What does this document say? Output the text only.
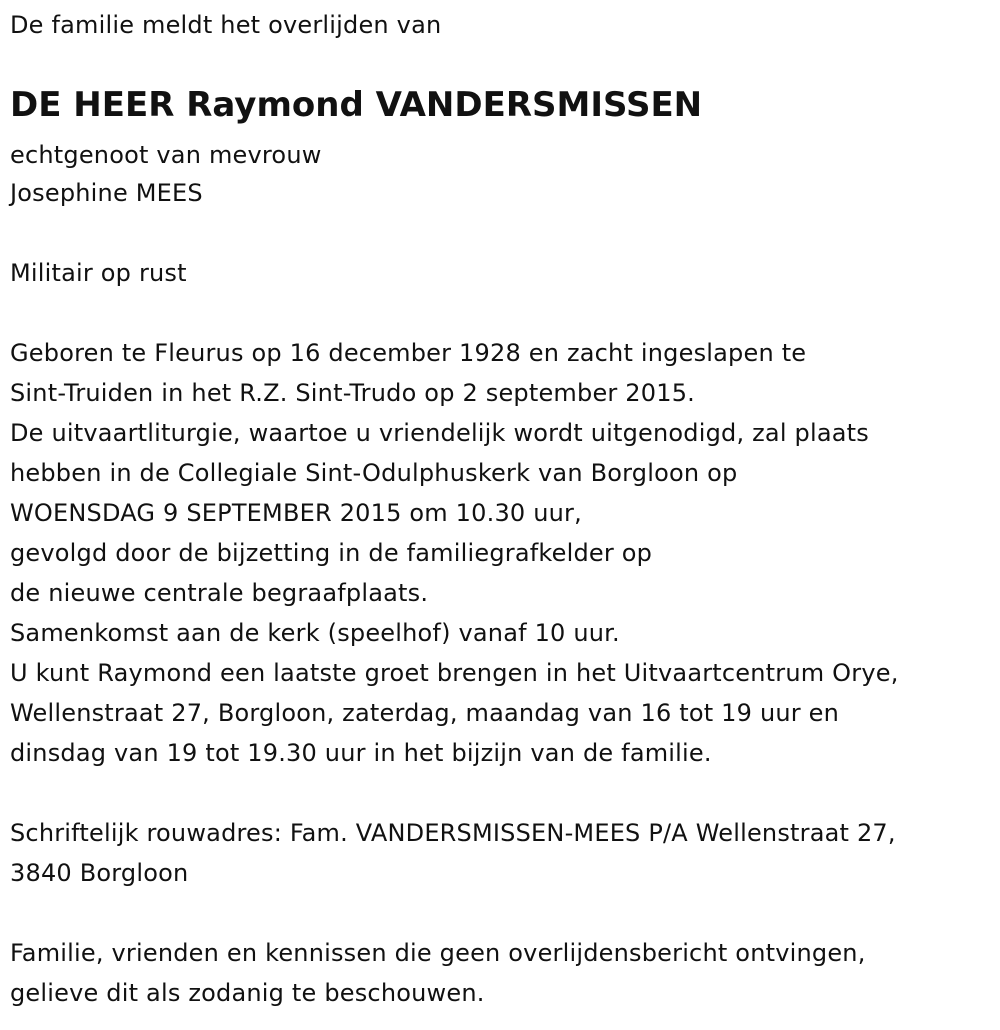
De familie meldt het overlijden van
DE HEER Raymond VANDERSMISSEN
echtgenoot van mevrouw
Josephine MEES
Militair op rust
Geboren te Fleurus op 16 december 1928 en zacht ingeslapen te
Sint-Truiden in het R.Z. Sint-Trudo op 2 september 2015.
De uitvaartliturgie, waartoe u vriendelijk wordt uitgenodigd, zal plaats
hebben in de Collegiale Sint-Odulphuskerk van Borgloon op
WOENSDAG 9 SEPTEMBER 2015 om 10.30 uur,
gevolgd door de bijzetting in de familiegrafkelder op
de nieuwe centrale begraafplaats.
Samenkomst aan de kerk (speelhof) vanaf 10 uur.
U kunt Raymond een laatste groet brengen in het Uitvaartcentrum Orye,
Wellenstraat 27, Borgloon, zaterdag, maandag van 16 tot 19 uur en
dinsdag van 19 tot 19.30 uur in het bijzijn van de familie.
Schriftelijk rouwadres: Fam. VANDERSMISSEN-MEES P/A Wellenstraat 27,
3840 Borgloon
Familie, vrienden en kennissen die geen overlijdensbericht ontvingen,
gelieve dit als zodanig te beschouwen.
